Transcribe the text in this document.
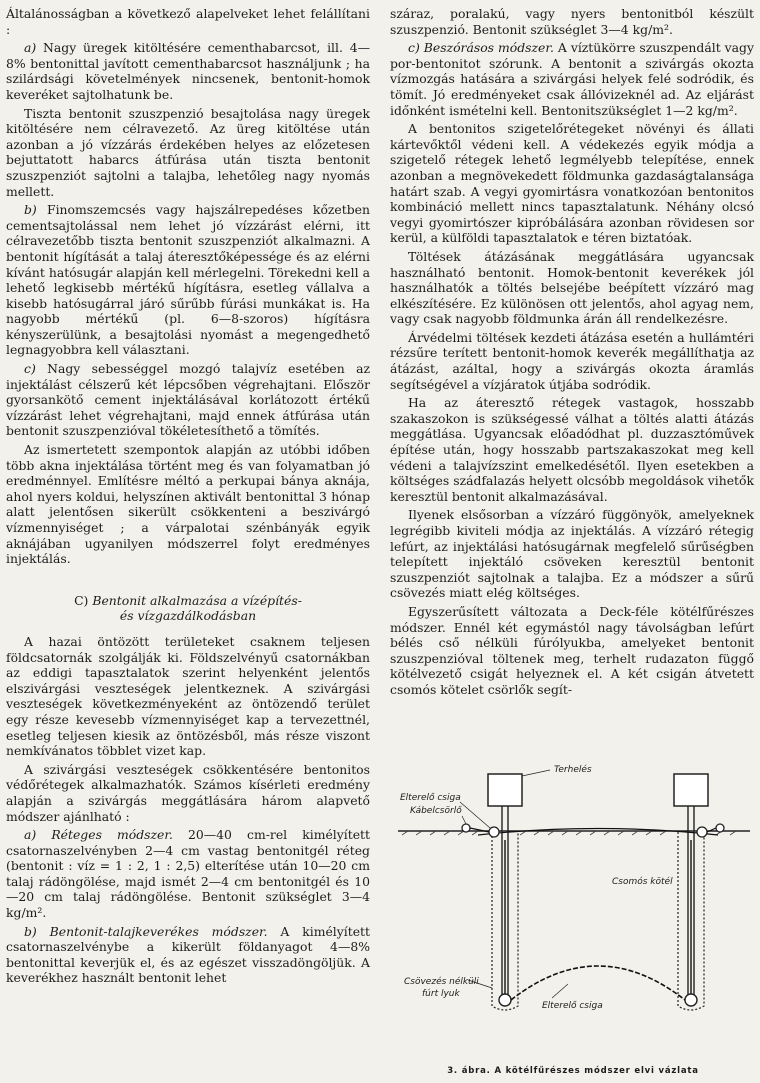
Általánosságban a következő alapelveket lehet felállítani :

a) Nagy üregek kitöltésére cementhabarcsot, ill. 4—8% bentonittal javított cementhabarcsot használjunk ; ha szilárdsági követelmények nincsenek, bentonit-homok keveréket sajtolhatunk be.

Tiszta bentonit szuszpenzió besajtolása nagy üregek kitöltésére nem célravezető. Az üreg kitöltése után azonban a jó vízzárás érdekében helyes az előzetesen bejuttatott habarcs átfúrása után tiszta bentonit szuszpenziót sajtolni a talajba, lehetőleg nagy nyomás mellett.

b) Finomszemcsés vagy hajszálrepedéses kőzetben cementsajtolással nem lehet jó vízzárást elérni, itt célravezetőbb tiszta bentonit szuszpenziót alkalmazni. A bentonit hígítását a talaj áteresztőképessége és az elérni kívánt hatósugár alapján kell mérlegelni. Törekedni kell a lehető legkisebb mértékű hígításra, esetleg vállalva a kisebb hatósugárral járó sűrűbb fúrási munkákat is. Ha nagyobb mértékű (pl. 6—8-szoros) hígításra kényszerülünk, a besajtolási nyomást a megengedhető legnagyobbra kell választani.

c) Nagy sebességgel mozgó talajvíz esetében az injektálást célszerű két lépcsőben végrehajtani. Először gyorsankötő cement injektálásával korlátozott értékű vízzárást lehet végrehajtani, majd ennek átfúrása után bentonit szuszpenzióval tökéletesíthető a tömítés.

Az ismertetett szempontok alapján az utóbbi időben több akna injektálása történt meg és van folyamatban jó eredménnyel. Említésre méltó a perkupai bánya aknája, ahol nyers koldui, helyszínen aktivált bentonittal 3 hónap alatt jelentősen sikerült csökkenteni a beszivárgó vízmennyiséget ; a várpalotai szénbányák egyik aknájában ugyanilyen módszerrel folyt eredményes injektálás.

C) Bentonit alkalmazása a vízépítés-
és vízgazdálkodásban

A hazai öntözött területeket csaknem teljesen földcsatornák szolgálják ki. Földszelvényű csatornákban az eddigi tapasztalatok szerint helyenként jelentős elszivárgási veszteségek jelentkeznek. A szivárgási veszteségek következményeként az öntözendő terület egy része kevesebb vízmennyiséget kap a tervezettnél, esetleg teljesen kiesik az öntözésből, más része viszont nemkívánatos többlet vizet kap.

A szivárgási veszteségek csökkentésére bentonitos védőrétegek alkalmazhatók. Számos kísérleti eredmény alapján a szivárgás meggátlására három alapvető módszer ajánlható :

a) Réteges módszer. 20—40 cm-rel kimélyített csatornaszelvényben 2—4 cm vastag bentonitgél réteg (bentonit : víz = 1 : 2, 1 : 2,5) elterítése után 10—20 cm talaj rádöngölése, majd ismét 2—4 cm bentonitgél és 10—20 cm talaj rádöngölése. Bentonit szükséglet 3—4 kg/m².

b) Bentonit-talajkeverékes módszer. A kimélyített csatornaszelvénybe a kikerült földanyagot 4—8% bentonittal keverjük el, és az egészet visszadöngöljük. A keverékhez használt bentonit lehet

száraz, poralakú, vagy nyers bentonitból készült szuszpenzió. Bentonit szükséglet 3—4 kg/m².

c) Beszórásos módszer. A víztükörre szuszpendált vagy por-bentonitot szórunk. A bentonit a szivárgás okozta vízmozgás hatására a szivárgási helyek felé sodródik, és tömít. Jó eredményeket csak állóvizeknél ad. Az eljárást időnként ismételni kell. Bentonitszükséglet 1—2 kg/m².

A bentonitos szigetelőrétegeket növényi és állati kártevőktől védeni kell. A védekezés egyik módja a szigetelő rétegek lehető legmélyebb telepítése, ennek azonban a megnövekedett földmunka gazdaságtalansága határt szab. A vegyi gyomirtásra vonatkozóan bentonitos kombináció mellett nincs tapasztalatunk. Néhány olcsó vegyi gyomirtószer kipróbálására azonban rövidesen sor kerül, a külföldi tapasztalatok e téren biztatóak.

Töltések átázásának meggátlására ugyancsak használható bentonit. Homok-bentonit keverékek jól használhatók a töltés belsejébe beépített vízzáró mag elkészítésére. Ez különösen ott jelentős, ahol agyag nem, vagy csak nagyobb földmunka árán áll rendelkezésre.

Árvédelmi töltések kezdeti átázása esetén a hullámtéri rézsűre terített bentonit-homok keverék megállíthatja az átázást, azáltal, hogy a szivárgás okozta áramlás segítségével a vízjáratok útjába sodródik.

Ha az áteresztő rétegek vastagok, hosszabb szakaszokon is szükségessé válhat a töltés alatti átázás meggátlása. Ugyancsak előadódhat pl. duzzasztóművek építése után, hogy hosszabb partszakaszokat meg kell védeni a talajvízszint emelkedésétől. Ilyen esetekben a költséges szádfalazás helyett olcsóbb megoldások vihetők keresztül bentonit alkalmazásával.

Ilyenek elsősorban a vízzáró függönyök, amelyeknek legrégibb kiviteli módja az injektálás. A vízzáró rétegig lefúrt, az injektálási hatósugárnak megfelelő sűrűségben telepített injektáló csöveken keresztül bentonit szuszpenziót sajtolnak a talajba. Ez a módszer a sűrű csövezés miatt elég költséges.

Egyszerűsített változata a Deck-féle kötélfűrészes módszer. Ennél két egymástól nagy távolságban lefúrt bélés cső nélküli fúrólyukba, amelyeket bentonit szuszpenzióval töltenek meg, terhelt rudazaton függő kötélvezető csigát helyeznek el. A két csigán átvetett csomós kötelet csörlők segít-

Terhelés
Elterelő csiga
Kábelcsörlő
Csomós kötél
Elterelő csiga
Csövezés nélküli
fúrt lyuk
3. ábra. A kötélfűrészes módszer elvi vázlata
